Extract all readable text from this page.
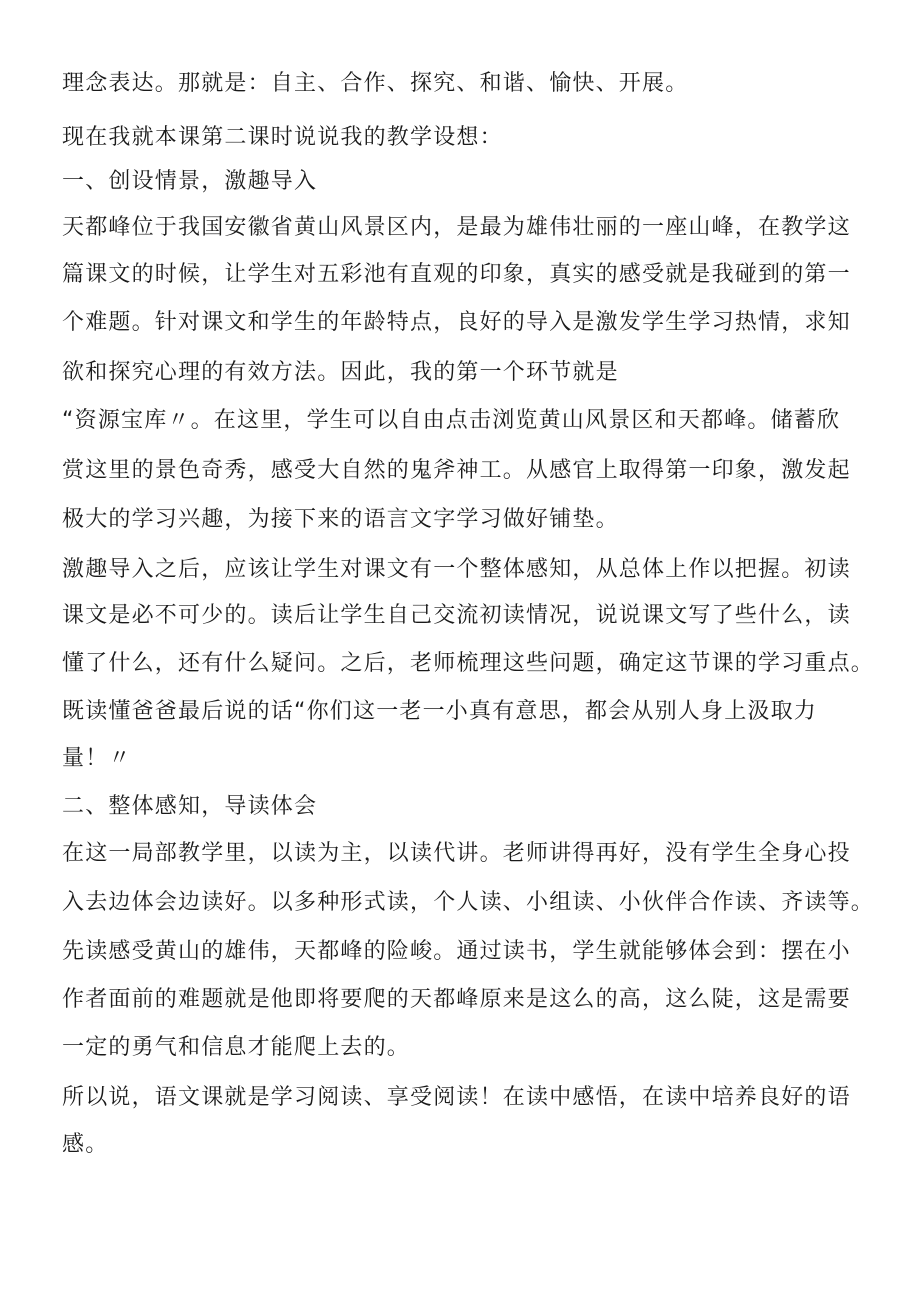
理念表达。那就是：自主、合作、探究、和谐、愉快、开展。

现在我就本课第二课时说说我的教学设想：

一、创设情景，激趣导入

天都峰位于我国安徽省黄山风景区内，是最为雄伟壮丽的一座山峰，在教学这

篇课文的时候，让学生对五彩池有直观的印象，真实的感受就是我碰到的第一

个难题。针对课文和学生的年龄特点，良好的导入是激发学生学习热情，求知

欲和探究心理的有效方法。因此，我的第一个环节就是

“资源宝库〃。在这里，学生可以自由点击浏览黄山风景区和天都峰。储蓄欣

赏这里的景色奇秀，感受大自然的鬼斧神工。从感官上取得第一印象，激发起

极大的学习兴趣，为接下来的语言文字学习做好铺垫。

激趣导入之后，应该让学生对课文有一个整体感知，从总体上作以把握。初读

课文是必不可少的。读后让学生自己交流初读情况，说说课文写了些什么，读

懂了什么，还有什么疑问。之后，老师梳理这些问题，确定这节课的学习重点。

既读懂爸爸最后说的话“你们这一老一小真有意思，都会从别人身上汲取力

量！〃

二、整体感知，导读体会

在这一局部教学里，以读为主，以读代讲。老师讲得再好，没有学生全身心投

入去边体会边读好。以多种形式读，个人读、小组读、小伙伴合作读、齐读等。

先读感受黄山的雄伟，天都峰的险峻。通过读书，学生就能够体会到：摆在小

作者面前的难题就是他即将要爬的天都峰原来是这么的高，这么陡，这是需要

一定的勇气和信息才能爬上去的。

所以说，语文课就是学习阅读、享受阅读！在读中感悟，在读中培养良好的语

感。
